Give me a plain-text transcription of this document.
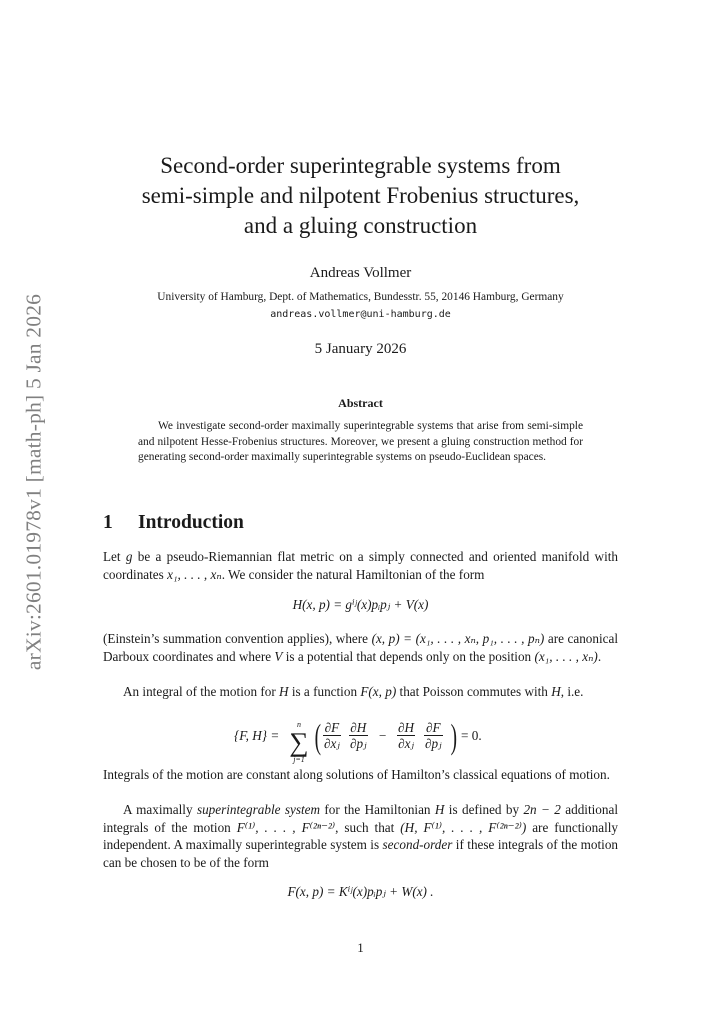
arXiv:2601.01978v1 [math-ph] 5 Jan 2026
Second-order superintegrable systems from
semi-simple and nilpotent Frobenius structures,
and a gluing construction
Andreas Vollmer
University of Hamburg, Dept. of Mathematics, Bundesstr. 55, 20146 Hamburg, Germany
andreas.vollmer@uni-hamburg.de
5 January 2026
Abstract

We investigate second-order maximally superintegrable systems that arise from semi-simple and nilpotent Hesse-Frobenius structures. Moreover, we present a gluing construction method for generating second-order maximally superintegrable systems on pseudo-Euclidean spaces.

1 Introduction

Let g be a pseudo-Riemannian flat metric on a simply connected and oriented manifold with coordinates x₁, . . . , xₙ. We consider the natural Hamiltonian of the form

H(x, p) = gⁱʲ(x)pᵢpⱼ + V(x)

(Einstein’s summation convention applies), where (x, p) = (x₁, . . . , xₙ, p₁, . . . , pₙ) are canonical Darboux coordinates and where V is a potential that depends only on the position (x₁, . . . , xₙ).

An integral of the motion for H is a function F(x, p) that Poisson commutes with H, i.e.

{F, H} =
n
∑
j=1
( $\frac{\partial F}{\text{∂xⱼ}} \frac{\partial H}{\text{∂pⱼ}} - \frac{\partial H}{\text{∂xⱼ}} \frac{\partial F}{\text{∂pⱼ}}$ ) = 0.

Integrals of the motion are constant along solutions of Hamilton’s classical equations of motion.

A maximally superintegrable system for the Hamiltonian H is defined by 2n − 2 additional integrals of the motion F⁽¹⁾, . . . , F⁽²ⁿ⁻²⁾, such that (H, F⁽¹⁾, . . . , F⁽²ⁿ⁻²⁾) are functionally independent. A maximally superintegrable system is second-order if these integrals of the motion can be chosen to be of the form

F(x, p) = Kⁱʲ(x)pᵢpⱼ + W(x) .
1
